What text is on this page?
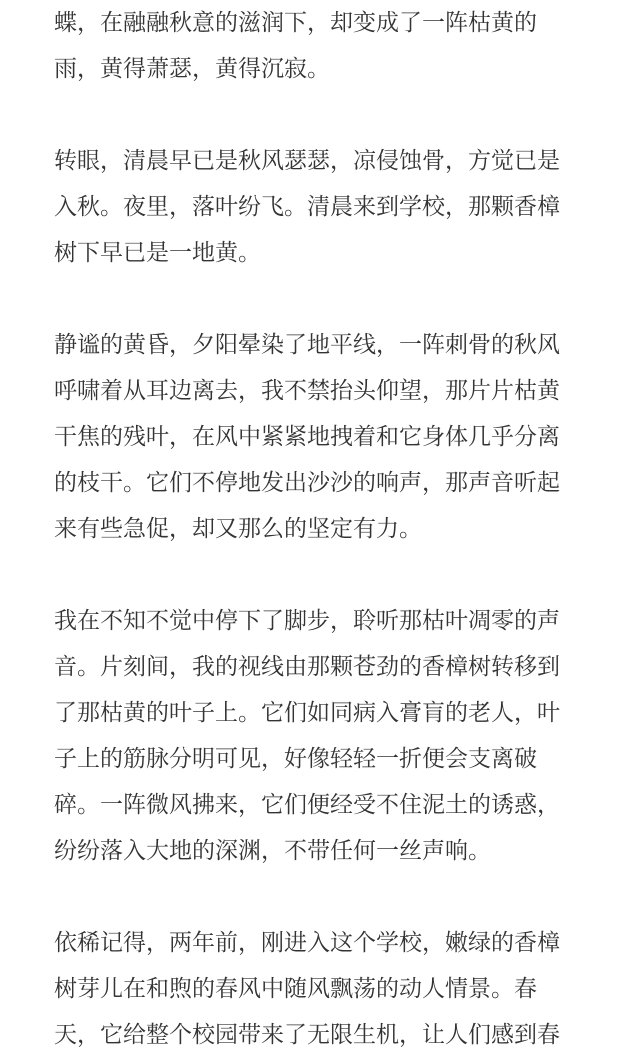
蝶，在融融秋意的滋润下，却变成了一阵枯黄的
雨，黄得萧瑟，黄得沉寂。
转眼，清晨早已是秋风瑟瑟，凉侵蚀骨，方觉已是
入秋。夜里，落叶纷飞。清晨来到学校，那颗香樟
树下早已是一地黄。
静谧的黄昏，夕阳晕染了地平线，一阵刺骨的秋风
呼啸着从耳边离去，我不禁抬头仰望，那片片枯黄
干焦的残叶，在风中紧紧地拽着和它身体几乎分离
的枝干。它们不停地发出沙沙的响声，那声音听起
来有些急促，却又那么的坚定有力。
我在不知不觉中停下了脚步，聆听那枯叶凋零的声
音。片刻间，我的视线由那颗苍劲的香樟树转移到
了那枯黄的叶子上。它们如同病入膏肓的老人，叶
子上的筋脉分明可见，好像轻轻一折便会支离破
碎。一阵微风拂来，它们便经受不住泥土的诱惑，
纷纷落入大地的深渊，不带任何一丝声响。
依稀记得，两年前，刚进入这个学校，嫩绿的香樟
树芽儿在和煦的春风中随风飘荡的动人情景。春
天，它给整个校园带来了无限生机，让人们感到春
